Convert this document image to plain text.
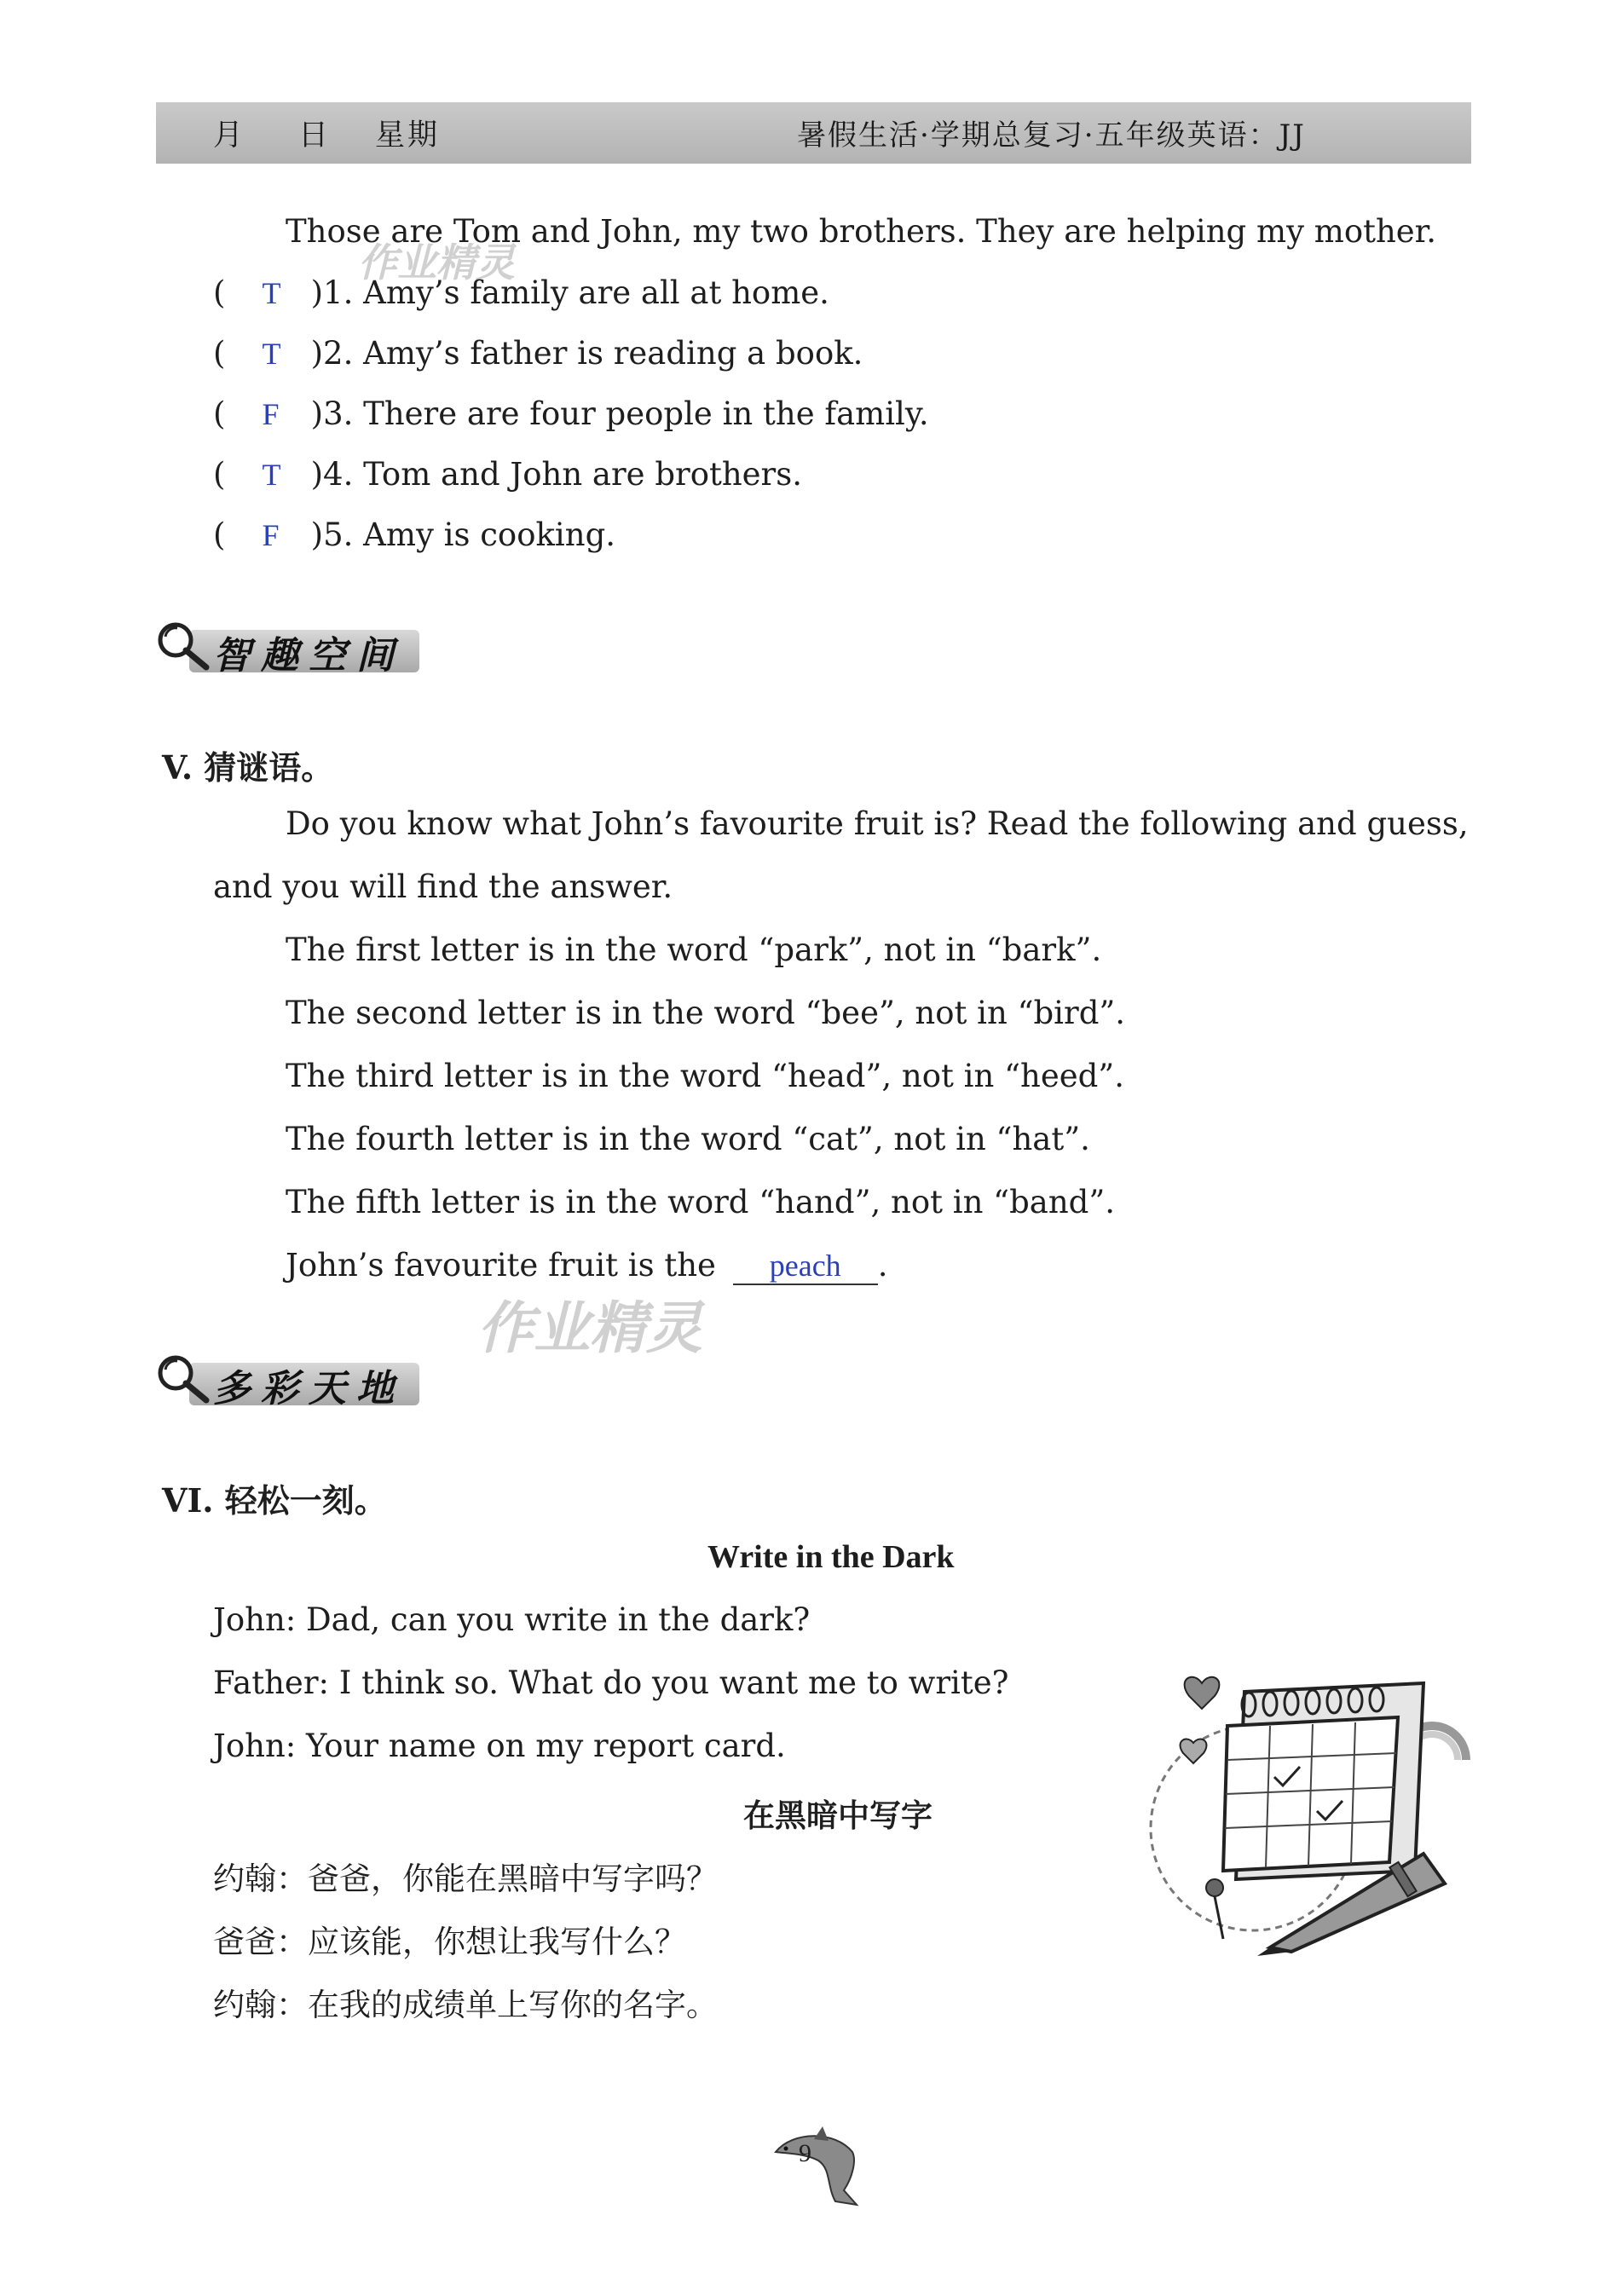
月 日 星期	暑假生活·学期总复习·五年级英语：JJ
Those are Tom and John, my two brothers. They are helping my mother.
作业精灵
( T )1. Amy’s family are all at home.
( T )2. Amy’s father is reading a book.
( F )3. There are four people in the family.
( T )4. Tom and John are brothers.
( F )5. Amy is cooking.
智趣空间
V. 猜谜语。
Do you know what John’s favourite fruit is? Read the following and guess,
and you will find the answer.
The first letter is in the word “park”, not in “bark”.
The second letter is in the word “bee”, not in “bird”.
The third letter is in the word “head”, not in “heed”.
The fourth letter is in the word “cat”, not in “hat”.
The fifth letter is in the word “hand”, not in “band”.
John’s favourite fruit is the peach .
作业精灵
多彩天地
VI. 轻松一刻。
Write in the Dark
John: Dad, can you write in the dark?
Father: I think so. What do you want me to write?
John: Your name on my report card.
在黑暗中写字
约翰：爸爸，你能在黑暗中写字吗？
爸爸：应该能，你想让我写什么？
约翰：在我的成绩单上写你的名字。
9
